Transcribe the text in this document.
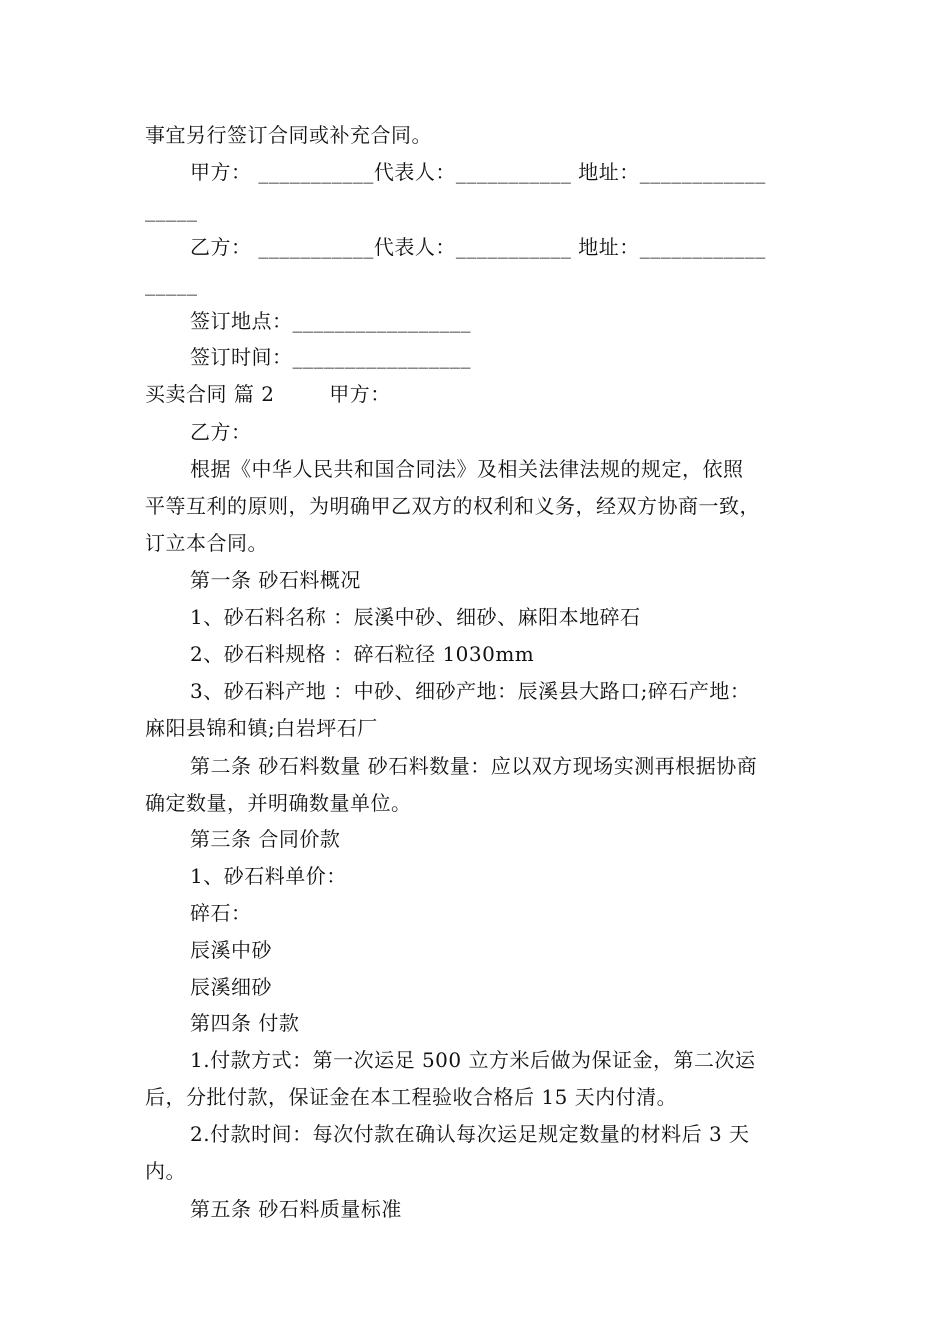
事宜另行签订合同或补充合同。
甲方： ___________代表人：___________ 地址：____________
_____
乙方： ___________代表人：___________ 地址：____________
_____
签订地点：_________________
签订时间：_________________
买卖合同 篇 2        甲方：
乙方：
根据《中华人民共和国合同法》及相关法律法规的规定，依照
平等互利的原则，为明确甲乙双方的权利和义务，经双方协商一致，
订立本合同。
第一条 砂石料概况
1、砂石料名称 ：辰溪中砂、细砂、麻阳本地碎石
2、砂石料规格 ：碎石粒径 1030mm
3、砂石料产地 ：中砂、细砂产地：辰溪县大路口;碎石产地：
麻阳县锦和镇;白岩坪石厂
第二条 砂石料数量 砂石料数量：应以双方现场实测再根据协商
确定数量，并明确数量单位。
第三条 合同价款
1、砂石料单价：
碎石：
辰溪中砂
辰溪细砂
第四条 付款
1.付款方式：第一次运足 500 立方米后做为保证金，第二次运
后，分批付款，保证金在本工程验收合格后 15 天内付清。
2.付款时间：每次付款在确认每次运足规定数量的材料后 3 天
内。
第五条 砂石料质量标准
